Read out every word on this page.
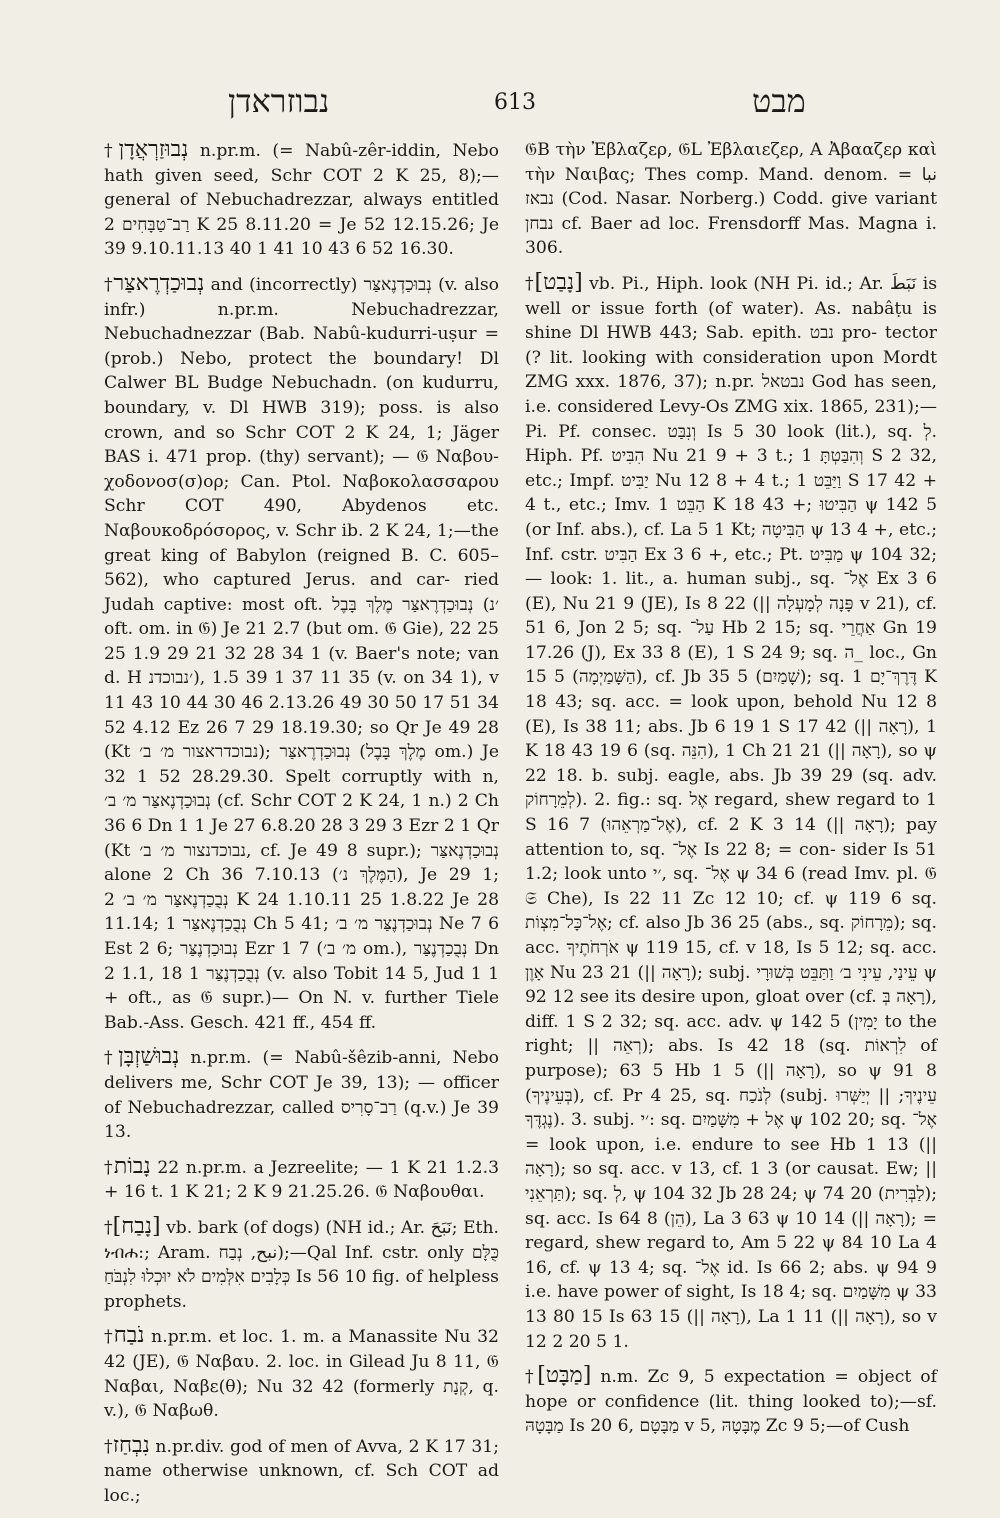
נבוזראדן	613	מבט
†נְבוּזַרְאֲדָן n.pr.m. (= Nabû-zêr-iddin, Nebo hath given seed, Schr COT 2 K 25, 8);—general of Nebuchadrezzar, always entitled רַב־טַבָּחִים 2 K 25 8.11.20 = Je 52 12.15.26; Je 39 9.10.11.13 40 1 41 10 43 6 52 16.30.
†נְבוּכַדְרֶאצַּר and (incorrectly) נְבוּכַדְנֶאצַּר (v. also infr.) n.pr.m. Nebuchadrezzar, Nebuchadnezzar (Bab. Nabû-kudurri-uṣur = (prob.) Nebo, protect the boundary! Dl Calwer BL Budge Nebuchadn. (on kudurru, boundary, v. Dl HWB 319); poss. is also crown, and so Schr COT 2 K 24, 1; Jäger BAS i. 471 prop. (thy) servant); — 𝔊 Ναβου- χοδονοσ(σ)ορ; Can. Ptol. Ναβοκολασσαρου Schr COT 490, Abydenos etc. Ναβουκοδρόσορος, v. Schr ib. 2 K 24, 1;—the great king of Babylon (reigned B. C. 605–562), who captured Jerus. and car- ried Judah captive: most oft. נְבוּכַדְרֶאצַּר מֶלֶךְ בָּבֶל (׳נ oft. om. in 𝔊) Je 21 2.7 (but om. 𝔊 Gie), 22 25 25 1.9 29 21 32 28 34 1 (v. Baer's note; van d. H ׳נבוכדנ), 35 11 37 1 39 1.5 (v. on 34 1), v 11 43 10 44 30 46 2.13.26 49 30 50 17 51 34 52 4.12 Ez 26 7 29 18.19.30; so Qr Je 49 28 (Kt נבוכדראצור מ׳ ב׳); נְבוּכַדְרֶאצַּר (מֶלֶךְ בָּבֶל om.) Je 32 1 52 28.29.30. Spelt corruptly with n, נְבוּכַדְנֶאצַּר מ׳ ב׳ (cf. Schr COT 2 K 24, 1 n.) 2 Ch 36 6 Dn 1 1 Je 27 6.8.20 28 3 29 3 Ezr 2 1 Qr (Kt נבוכדנצור מ׳ ב׳, cf. Je 49 8 supr.); נְבוּכַדְנֶאצַּר alone 2 Ch 36 7.10.13 (הַמֶּלֶךְ נ׳), Je 29 1; נְבֻכַדְנֶאצַּר מ׳ ב׳ 2 K 24 1.10.11 25 1.8.22 Je 28 11.14; נְבֻכַדְנֶאצַּר 1 Ch 5 41; נְבוּכַדְנֶצַּר מ׳ ב׳ Ne 7 6 Est 2 6; נְבוּכַדְנֶצַּר Ezr 1 7 (מ׳ ב׳ om.), נְבֻכַדְנֶצַּר Dn 2 1.1, נְבֻכַדְנֶצַּר 1 18 (v. also Tobit 14 5, Jud 1 1 + oft., as 𝔊 supr.)— On N. v. further Tiele Bab.-Ass. Gesch. 421 ff., 454 ff.
†נְבוּשַׁזְבָּן n.pr.m. (= Nabû-šêzib-anni, Nebo delivers me, Schr COT Je 39, 13); — officer of Nebuchadrezzar, called רַב־סָרִיס (q.v.) Je 39 13.
†נָבוֹת 22 n.pr.m. a Jezreelite; — 1 K 21 1.2.3 + 16 t. 1 K 21; 2 K 9 21.25.26. 𝔊 Ναβουθαι.
†[נָבַח] vb. bark (of dogs) (NH id.; Ar. نَبَحَ; Eth. ነብሐ:; Aram. نبح, נְבַח);—Qal Inf. cstr. only כֻּלָּם כְּלָבִים אִלְּמִים לֹא יוּכְלוּ לִנְבֹּחַ Is 56 10 fig. of helpless prophets.
†נֹבַח n.pr.m. et loc. 1. m. a Manassite Nu 32 42 (JE), 𝔊 Ναβαυ. 2. loc. in Gilead Ju 8 11, 𝔊 Ναβαι, Ναβε(θ); Nu 32 42 (formerly קְנָת, q. v.), 𝔊 Ναβωθ.
†נִבְחַז n.pr.div. god of men of Avva, 2 K 17 31; name otherwise unknown, cf. Sch COT ad loc.;
𝔊B τὴν Ἐβλαζερ, 𝔊L Ἐβλαιεζερ, A Ἀβααζερ καὶ τὴν Ναιβας; Thes comp. Mand. denom. نبا = נבאז (Cod. Nasar. Norberg.) Codd. give variant נבחן cf. Baer ad loc. Frensdorff Mas. Magna i. 306.
†[נָבַט] vb. Pi., Hiph. look (NH Pi. id.; Ar. نَبَطَ is well or issue forth (of water). As. nabâṭu is shine Dl HWB 443; Sab. epith. נבט pro- tector (? lit. looking with consideration upon Mordt ZMG xxx. 1876, 37); n.pr. נבטאל God has seen, i.e. considered Levy-Os ZMG xix. 1865, 231);—Pi. Pf. consec. וְנִבַּט Is 5 30 look (lit.), sq. לְ. Hiph. Pf. הִבִּיט Nu 21 9 + 3 t.; וְהִבַּטְתָּ 1 S 2 32, etc.; Impf. יַבִּיט Nu 12 8 + 4 t.; וַיַּבֵּט 1 S 17 42 + 4 t., etc.; Imv. הַבֵּט 1 K 18 43 +; הַבִּיטוּ ψ 142 5 (or Inf. abs.), cf. La 5 1 Kt; הַבִּיטָה ψ 13 4 +, etc.; Inf. cstr. הַבִּיט Ex 3 6 +, etc.; Pt. מַבִּיט ψ 104 32; — look: 1. lit., a. human subj., sq. אֶל־ Ex 3 6 (E), Nu 21 9 (JE), Is 8 22 (|| פָּנָה לְמָעְלָה v 21), cf. 51 6, Jon 2 5; sq. עַל־ Hb 2 15; sq. אַחֲרֵי Gn 19 17.26 (J), Ex 33 8 (E), 1 S 24 9; sq. ה_ loc., Gn 15 5 (הַשָּׁמַיְמָה), cf. Jb 35 5 (שָׁמַיִם); sq. דֶּרֶךְ־יָם 1 K 18 43; sq. acc. = look upon, behold Nu 12 8 (E), Is 38 11; abs. Jb 6 19 1 S 17 42 (|| רָאָה), 1 K 18 43 19 6 (sq. הִנֵּה), 1 Ch 21 21 (|| רָאָה), so ψ 22 18. b. subj. eagle, abs. Jb 39 29 (sq. adv. לְמֵרָחוֹק). 2. fig.: sq. אֶל regard, shew regard to 1 S 16 7 (אֶל־מַרְאֵהוּ), cf. 2 K 3 14 (|| רָאָה); pay attention to, sq. אֶל־ Is 22 8; = con- sider Is 51 1.2; look unto ׳י, sq. אֶל־ ψ 34 6 (read Imv. pl. 𝔊 𝔖 Che), Is 22 11 Zc 12 10; cf. ψ 119 6 sq. אֶל־כָּל־מִצְוֹת; cf. also Jb 36 25 (abs., sq. מֵרָחוֹק); sq. acc. אֹרְחֹתֶיךָ ψ 119 15, cf. v 18, Is 5 12; sq. acc. אָוֶן Nu 23 21 (|| רָאָה); subj. עֵינַי, עֵינִי ב׳ וַתַּבֵּט בְּשׁוּרָי ψ 92 12 see its desire upon, gloat over (cf. רָאָה בְּ), diff. 1 S 2 32; sq. acc. adv. ψ 142 5 (יָמִין to the right; || רְאֵה); abs. Is 42 18 (sq. לִרְאוֹת of purpose); 63 5 Hb 1 5 (|| רָאָה), so ψ 91 8 (בְּעֵינֶיךָ), cf. Pr 4 25, sq. לְנֹכַח (subj. עֵינֶיךָ; || יְיַשְּׁרוּ נֶגְדֶּךָ). 3. subj. ׳י: sq. אֶל + מִשָּׁמַיִם ψ 102 20; sq. אֶל־ = look upon, i.e. endure to see Hb 1 13 (|| רָאָה); so sq. acc. v 13, cf. 1 3 (or causat. Ew; || תַּרְאֵנִי); sq. לְ, ψ 104 32 Jb 28 24; ψ 74 20 (לַבְּרִית); sq. acc. Is 64 8 (הֵן), La 3 63 ψ 10 14 (|| רָאָה); = regard, shew regard to, Am 5 22 ψ 84 10 La 4 16, cf. ψ 13 4; sq. אֶל־ id. Is 66 2; abs. ψ 94 9 i.e. have power of sight, Is 18 4; sq. מִשָּׁמַיִם ψ 33 13 80 15 Is 63 15 (|| רָאָה), La 1 11 (|| רָאָה), so v 12 2 20 5 1.
†[מַבָּט] n.m. Zc 9, 5 expectation = object of hope or confidence (lit. thing looked to);—sf. מַבָּטָהּ Is 20 6, מַבָּטָם v 5, מֶבָּטָהּ Zc 9 5;—of Cush
